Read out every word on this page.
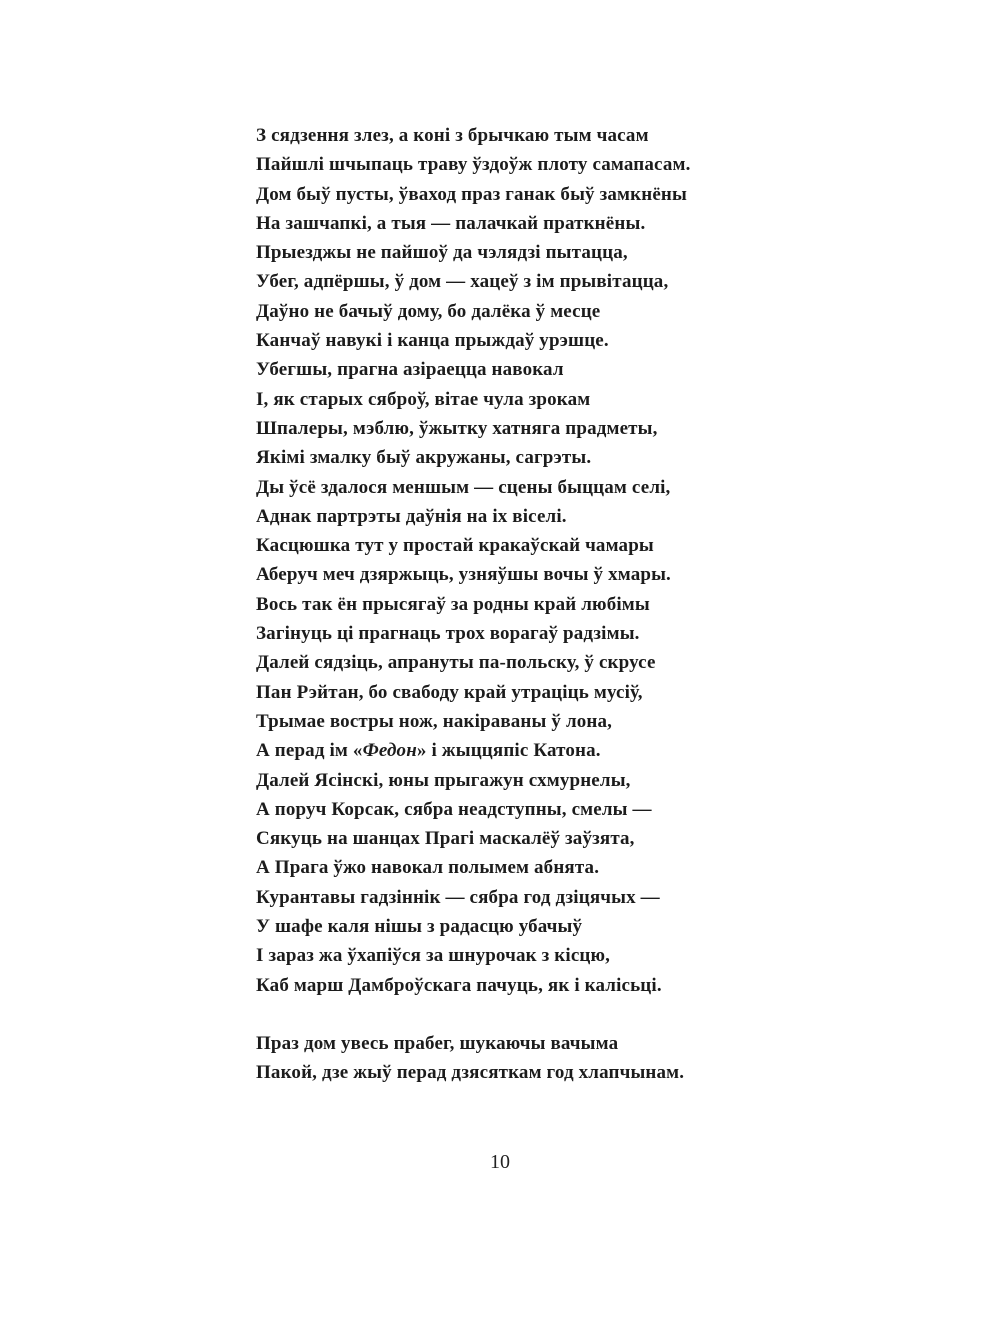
З сядзення злез, а коні з брычкаю тым часам
Пайшлі шчыпаць траву ўздоўж плоту самапасам.
Дом быў пусты, ўваход праз ганак быў замкнёны
На зашчапкі, а тыя — палачкай праткнёны.
Прыезджы не пайшоў да чэлядзі пытацца,
Убег, адпёршы, ў дом — хацеў з ім прывітацца,
Даўно не бачыў дому, бо далёка ў месце
Канчаў навукі і канца прыждаў урэшце.
Убегшы, прагна азіраецца навокал
І, як старых сяброў, вітае чула зрокам
Шпалеры, мэблю, ўжытку хатняга прадметы,
Якімі змалку быў акружаны, сагрэты.
Ды ўсё здалося меншым — сцены быццам селі,
Аднак партрэты даўнія на іх віселі.
Касцюшка тут у простай кракаўскай чамары
Аберуч меч дзяржыць, узняўшы вочы ў хмары.
Вось так ён прысягаў за родны край любімы
Загінуць ці прагнаць трох ворагаў радзімы.
Далей сядзіць, апрануты па-польску, ў скрусе
Пан Рэйтан, бо свабоду край утраціць мусіў,
Трымае востры нож, накіраваны ў лона,
А перад ім «Федон» і жыццяпіс Катона.
Далей Ясінскі, юны прыгажун схмурнелы,
А поруч Корсак, сябра неадступны, смелы —
Сякуць на шанцах Прагі маскалёў заўзята,
А Прага ўжо навокал полымем абнята.
Курантавы гадзіннік — сябра год дзіцячых —
У шафе каля нішы з радасцю убачыў
І зараз жа ўхапіўся за шнурочак з кісцю,
Каб марш Дамброўскага пачуць, як і калісьці.
Праз дом увесь прабег, шукаючы вачыма
Пакой, дзе жыў перад дзясяткам год хлапчынам.
10
